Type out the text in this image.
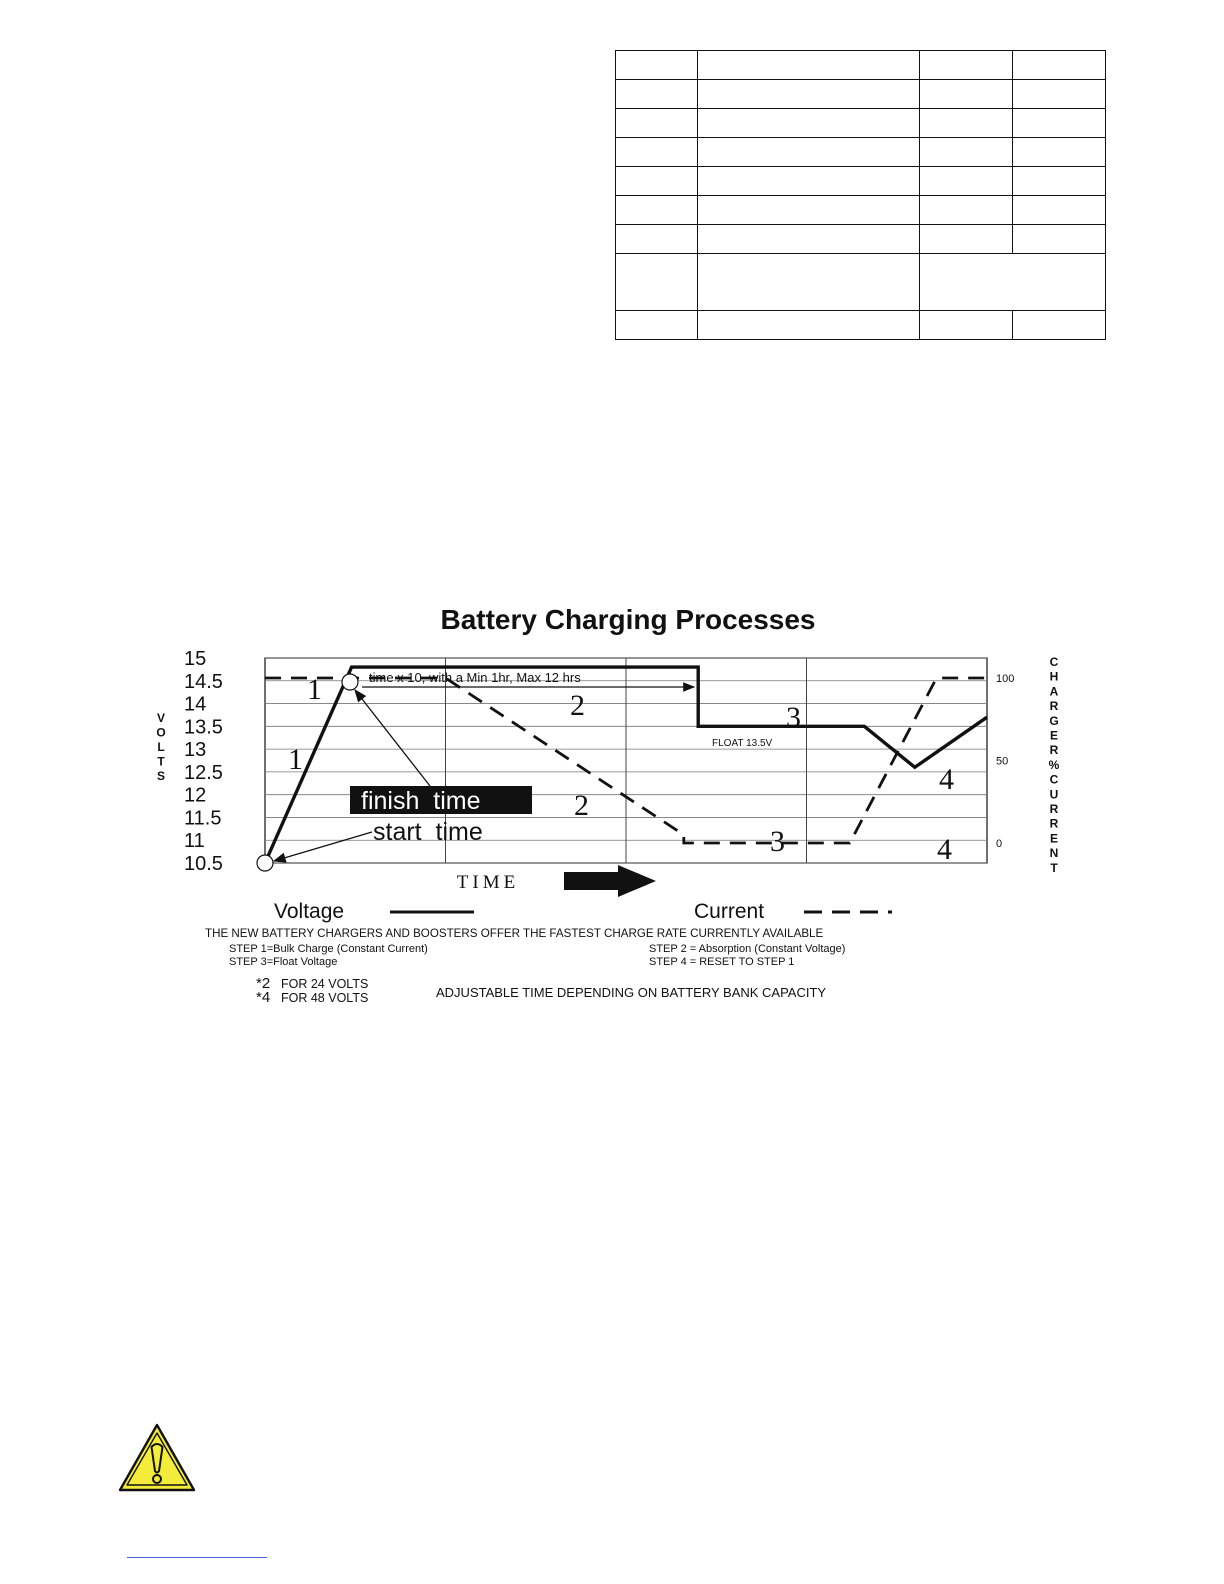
Battery Charging Processes
15
14.5
14
13.5
13
12.5
12
11.5
11
10.5
100
50
0
V O L T S
C H A R G E R % C U R R E N T
1
1
2
2
3
3
4
4
time x 10, with a Min 1hr, Max 12 hrs
FLOAT 13.5V
finish  time
start  time
TIME
Voltage	Current
THE NEW BATTERY CHARGERS AND BOOSTERS OFFER THE FASTEST CHARGE RATE CURRENTLY AVAILABLE
STEP 1=Bulk Charge (Constant Current)	STEP 2 = Absorption (Constant Voltage)
STEP 3=Float Voltage	STEP 4 = RESET TO STEP 1
*2 FOR 24 VOLTS
*4 FOR 48 VOLTS	ADJUSTABLE TIME DEPENDING ON BATTERY BANK CAPACITY
